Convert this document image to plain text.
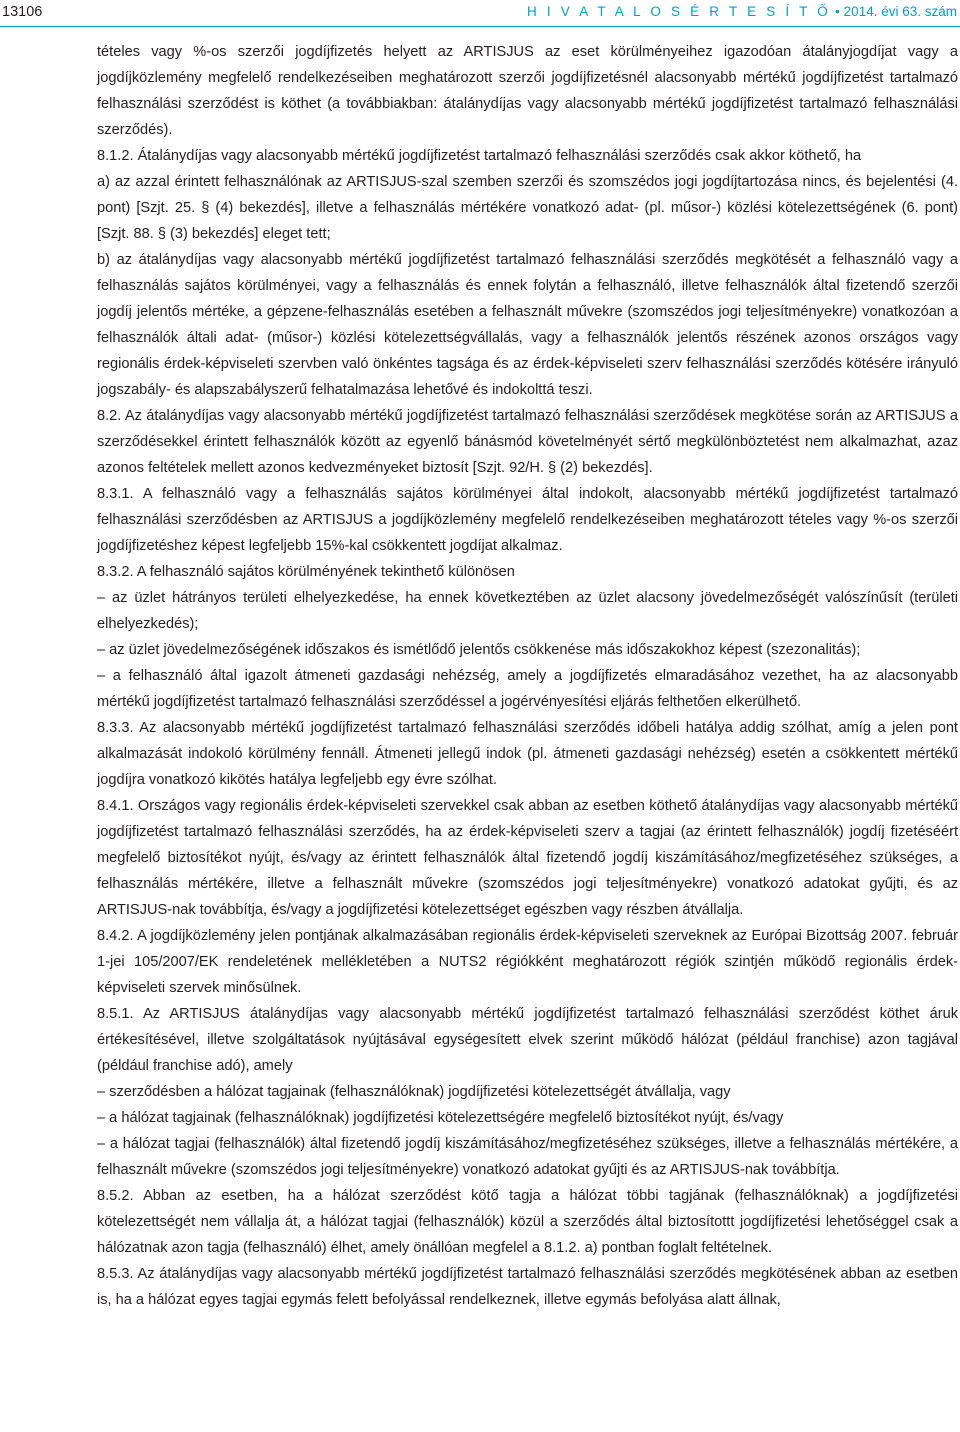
13106	H I V A T A L O S É R T E S Í T Ő • 2014. évi 63. szám

tételes vagy %-os szerzői jogdíjfizetés helyett az ARTISJUS az eset körülményeihez igazodóan átalányjogdíjat vagy a jogdíjközlemény megfelelő rendelkezéseiben meghatározott szerzői jogdíjfizetésnél alacsonyabb mértékű jogdíjfizetést tartalmazó felhasználási szerződést is köthet (a továbbiakban: átalánydíjas vagy alacsonyabb mértékű jogdíjfizetést tartalmazó felhasználási szerződés).

8.1.2. Átalánydíjas vagy alacsonyabb mértékű jogdíjfizetést tartalmazó felhasználási szerződés csak akkor köthető, ha

a) az azzal érintett felhasználónak az ARTISJUS-szal szemben szerzői és szomszédos jogi jogdíjtartozása nincs, és bejelentési (4. pont) [Szjt. 25. § (4) bekezdés], illetve a felhasználás mértékére vonatkozó adat- (pl. műsor-) közlési kötelezettségének (6. pont) [Szjt. 88. § (3) bekezdés] eleget tett;

b) az átalánydíjas vagy alacsonyabb mértékű jogdíjfizetést tartalmazó felhasználási szerződés megkötését a felhasználó vagy a felhasználás sajátos körülményei, vagy a felhasználás és ennek folytán a felhasználó, illetve felhasználók által fizetendő szerzői jogdíj jelentős mértéke, a gépzene-felhasználás esetében a felhasznált művekre (szomszédos jogi teljesítményekre) vonatkozóan a felhasználók általi adat- (műsor-) közlési kötelezettségvállalás, vagy a felhasználók jelentős részének azonos országos vagy regionális érdek-képviseleti szervben való önkéntes tagsága és az érdek-képviseleti szerv felhasználási szerződés kötésére irányuló jogszabály- és alapszabályszerű felhatalmazása lehetővé és indokolttá teszi.

8.2. Az átalánydíjas vagy alacsonyabb mértékű jogdíjfizetést tartalmazó felhasználási szerződések megkötése során az ARTISJUS a szerződésekkel érintett felhasználók között az egyenlő bánásmód követelményét sértő megkülönböztetést nem alkalmazhat, azaz azonos feltételek mellett azonos kedvezményeket biztosít [Szjt. 92/H. § (2) bekezdés].

8.3.1. A felhasználó vagy a felhasználás sajátos körülményei által indokolt, alacsonyabb mértékű jogdíjfizetést tartalmazó felhasználási szerződésben az ARTISJUS a jogdíjközlemény megfelelő rendelkezéseiben meghatározott tételes vagy %-os szerzői jogdíjfizetéshez képest legfeljebb 15%-kal csökkentett jogdíjat alkalmaz.

8.3.2. A felhasználó sajátos körülményének tekinthető különösen

– az üzlet hátrányos területi elhelyezkedése, ha ennek következtében az üzlet alacsony jövedelmezőségét valószínűsít (területi elhelyezkedés);

– az üzlet jövedelmezőségének időszakos és ismétlődő jelentős csökkenése más időszakokhoz képest (szezonalitás);

– a felhasználó által igazolt átmeneti gazdasági nehézség, amely a jogdíjfizetés elmaradásához vezethet, ha az alacsonyabb mértékű jogdíjfizetést tartalmazó felhasználási szerződéssel a jogérvényesítési eljárás felthetően elkerülhető.

8.3.3. Az alacsonyabb mértékű jogdíjfizetést tartalmazó felhasználási szerződés időbeli hatálya addig szólhat, amíg a jelen pont alkalmazását indokoló körülmény fennáll. Átmeneti jellegű indok (pl. átmeneti gazdasági nehézség) esetén a csökkentett mértékű jogdíjra vonatkozó kikötés hatálya legfeljebb egy évre szólhat.

8.4.1. Országos vagy regionális érdek-képviseleti szervekkel csak abban az esetben köthető átalánydíjas vagy alacsonyabb mértékű jogdíjfizetést tartalmazó felhasználási szerződés, ha az érdek-képviseleti szerv a tagjai (az érintett felhasználók) jogdíj fizetéséért megfelelő biztosítékot nyújt, és/vagy az érintett felhasználók által fizetendő jogdíj kiszámításához/megfizetéséhez szükséges, a felhasználás mértékére, illetve a felhasznált művekre (szomszédos jogi teljesítményekre) vonatkozó adatokat gyűjti, és az ARTISJUS-nak továbbítja, és/vagy a jogdíjfizetési kötelezettséget egészben vagy részben átvállalja.

8.4.2. A jogdíjközlemény jelen pontjának alkalmazásában regionális érdek-képviseleti szerveknek az Európai Bizottság 2007. február 1-jei 105/2007/EK rendeletének mellékletében a NUTS2 régiókként meghatározott régiók szintjén működő regionális érdek-képviseleti szervek minősülnek.

8.5.1. Az ARTISJUS átalánydíjas vagy alacsonyabb mértékű jogdíjfizetést tartalmazó felhasználási szerződést köthet áruk értékesítésével, illetve szolgáltatások nyújtásával egységesített elvek szerint működő hálózat (például franchise) azon tagjával (például franchise adó), amely

– szerződésben a hálózat tagjainak (felhasználóknak) jogdíjfizetési kötelezettségét átvállalja, vagy

– a hálózat tagjainak (felhasználóknak) jogdíjfizetési kötelezettségére megfelelő biztosítékot nyújt, és/vagy

– a hálózat tagjai (felhasználók) által fizetendő jogdíj kiszámításához/megfizetéséhez szükséges, illetve a felhasználás mértékére, a felhasznált művekre (szomszédos jogi teljesítményekre) vonatkozó adatokat gyűjti és az ARTISJUS-nak továbbítja.

8.5.2. Abban az esetben, ha a hálózat szerződést kötő tagja a hálózat többi tagjának (felhasználóknak) a jogdíjfizetési kötelezettségét nem vállalja át, a hálózat tagjai (felhasználók) közül a szerződés által biztosítottt jogdíjfizetési lehetőséggel csak a hálózatnak azon tagja (felhasználó) élhet, amely önállóan megfelel a 8.1.2. a) pontban foglalt feltételnek.

8.5.3. Az átalánydíjas vagy alacsonyabb mértékű jogdíjfizetést tartalmazó felhasználási szerződés megkötésének abban az esetben is, ha a hálózat egyes tagjai egymás felett befolyással rendelkeznek, illetve egymás befolyása alatt állnak,
